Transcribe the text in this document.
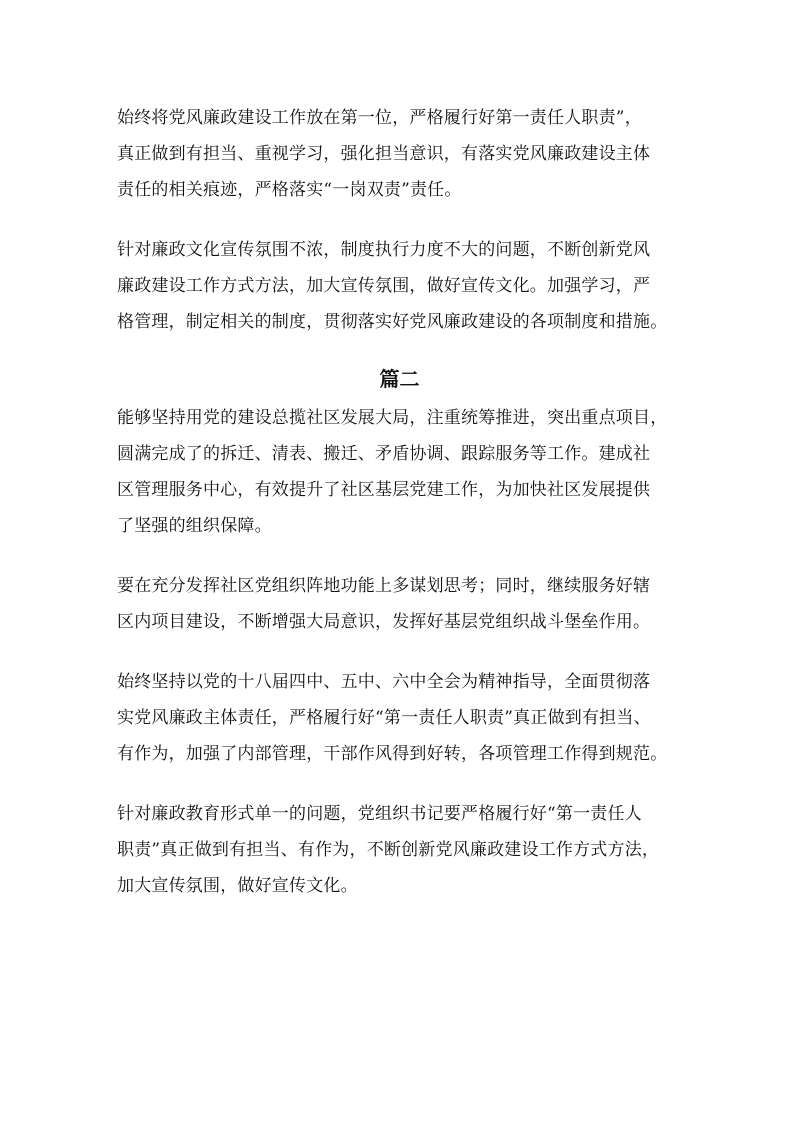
始终将党风廉政建设工作放在第一位，严格履行好第一责任人职责”，
真正做到有担当、重视学习，强化担当意识，有落实党风廉政建设主体
责任的相关痕迹，严格落实“一岗双责”责任。
针对廉政文化宣传氛围不浓，制度执行力度不大的问题，不断创新党风
廉政建设工作方式方法，加大宣传氛围，做好宣传文化。加强学习，严
格管理，制定相关的制度，贯彻落实好党风廉政建设的各项制度和措施。
篇二
能够坚持用党的建设总揽社区发展大局，注重统筹推进，突出重点项目，
圆满完成了的拆迁、清表、搬迁、矛盾协调、跟踪服务等工作。建成社
区管理服务中心，有效提升了社区基层党建工作，为加快社区发展提供
了坚强的组织保障。
要在充分发挥社区党组织阵地功能上多谋划思考；同时，继续服务好辖
区内项目建设，不断增强大局意识，发挥好基层党组织战斗堡垒作用。
始终坚持以党的十八届四中、五中、六中全会为精神指导，全面贯彻落
实党风廉政主体责任，严格履行好“第一责任人职责”真正做到有担当、
有作为，加强了内部管理，干部作风得到好转，各项管理工作得到规范。
针对廉政教育形式单一的问题，党组织书记要严格履行好“第一责任人
职责”真正做到有担当、有作为，不断创新党风廉政建设工作方式方法，
加大宣传氛围，做好宣传文化。
